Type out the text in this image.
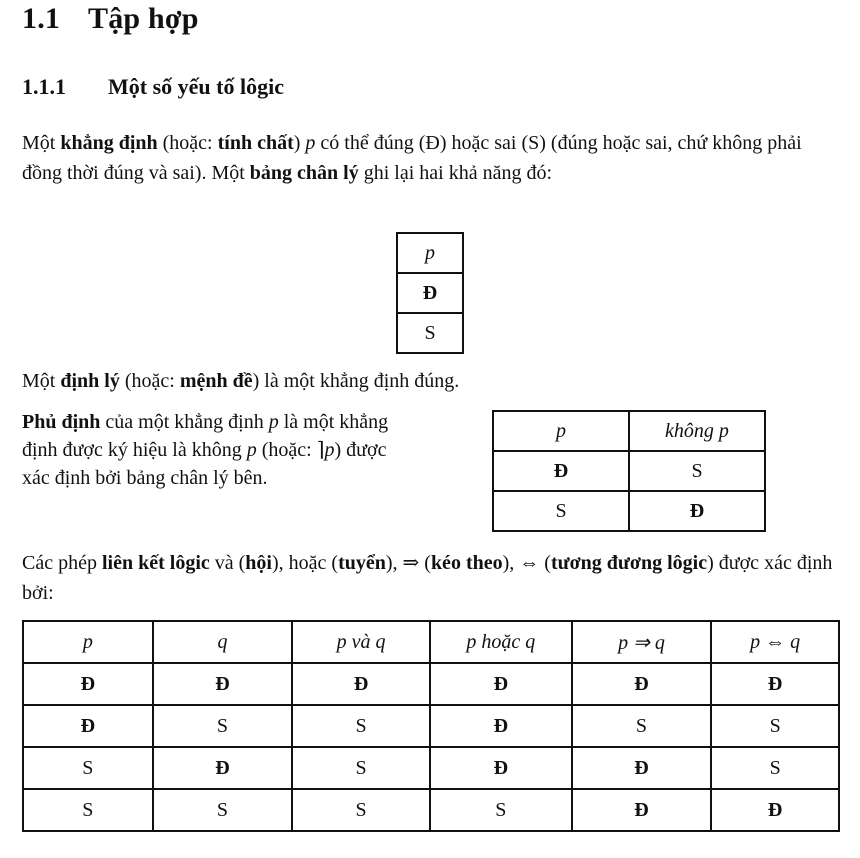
1.1 Tập hợp
1.1.1 Một số yếu tố lôgic

Một khẳng định (hoặc: tính chất) p có thể đúng (Đ) hoặc sai (S) (đúng hoặc sai, chứ không phải đồng thời đúng và sai). Một bảng chân lý ghi lại hai khả năng đó:

p
Đ
S

Một định lý (hoặc: mệnh đề) là một khẳng định đúng.

Phủ định của một khẳng định p là một khẳng định được ký hiệu là không p (hoặc: ⌉p) được xác định bởi bảng chân lý bên.

p	không p
Đ	S
S	Đ

Các phép liên kết lôgic và (hội), hoặc (tuyển), ⇒ (kéo theo), ⇔ (tương đương lôgic) được xác định bởi:

p	q	p và q	p hoặc q	p ⇒ q	p ⇔ q
Đ	Đ	Đ	Đ	Đ	Đ
Đ	S	S	Đ	S	S
S	Đ	S	Đ	Đ	S
S	S	S	S	Đ	Đ
